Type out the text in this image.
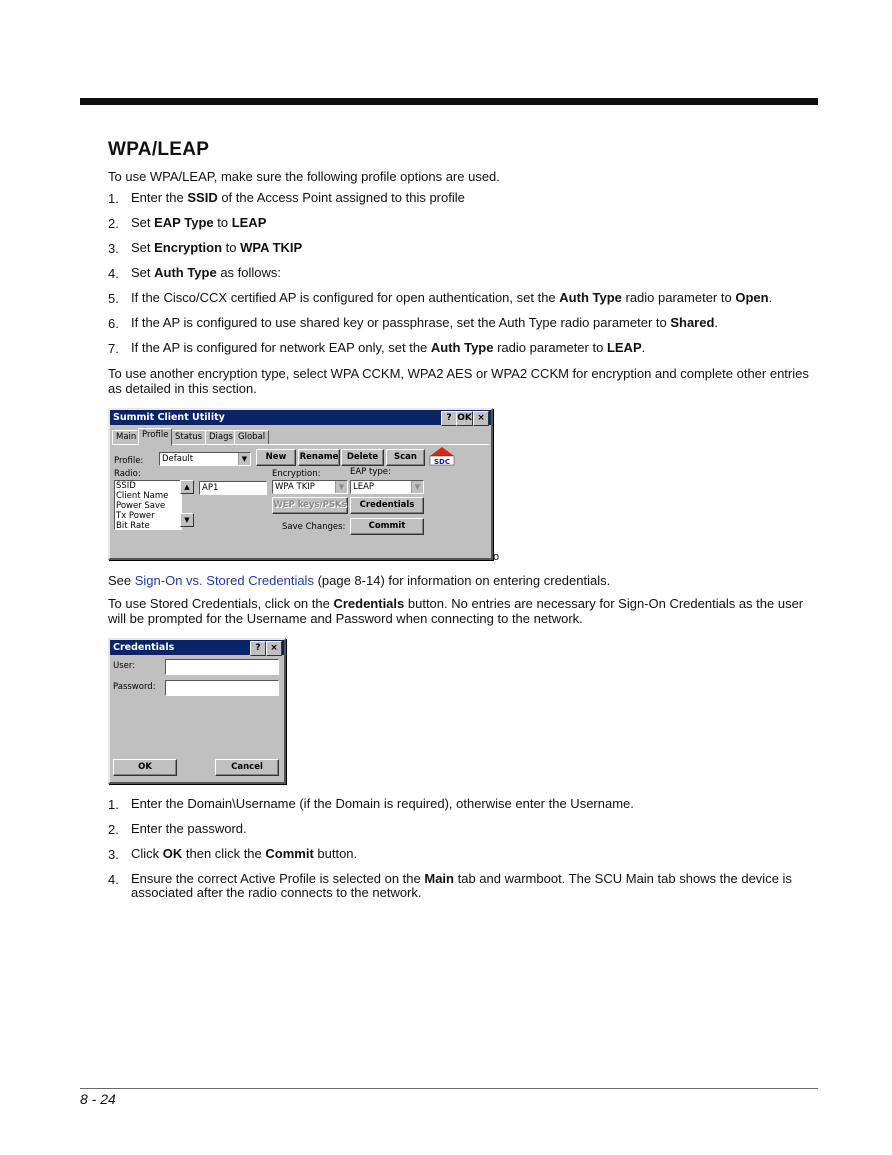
WPA/LEAP
To use WPA/LEAP, make sure the following profile options are used.
1. Enter the SSID of the Access Point assigned to this profile
2. Set EAP Type to LEAP
3. Set Encryption to WPA TKIP
4. Set Auth Type as follows:
5. If the Cisco/CCX certified AP is configured for open authentication, set the Auth Type radio parameter to Open.
6. If the AP is configured to use shared key or passphrase, set the Auth Type radio parameter to Shared.
7. If the AP is configured for network EAP only, set the Auth Type radio parameter to LEAP.
To use another encryption type, select WPA CCKM, WPA2 AES or WPA2 CCKM for encryption and complete other entries as detailed in this section.
Summit Client Utility	? OK ×
Main Profile Status Diags Global
Profile:	Default	▼	New	Rename Delete	Scan	SDC
Radio:
SSID
Client Name
Power Save
Tx Power
Bit Rate
▲
▼
AP1
Encryption:
WPA TKIP	▼
EAP type:
LEAP	▼
WEP keys/PSKs	Credentials
Save Changes:	Commit
o
See Sign-On vs. Stored Credentials (page 8-14) for information on entering credentials.
To use Stored Credentials, click on the Credentials button. No entries are necessary for Sign-On Credentials as the user will be prompted for the Username and Password when connecting to the network.
Credentials	?	×
User:
Password:
OK	Cancel
1. Enter the Domain\Username (if the Domain is required), otherwise enter the Username.
2. Enter the password.
3. Click OK then click the Commit button.
4. Ensure the correct Active Profile is selected on the Main tab and warmboot. The SCU Main tab shows the device is associated after the radio connects to the network.
8 - 24
